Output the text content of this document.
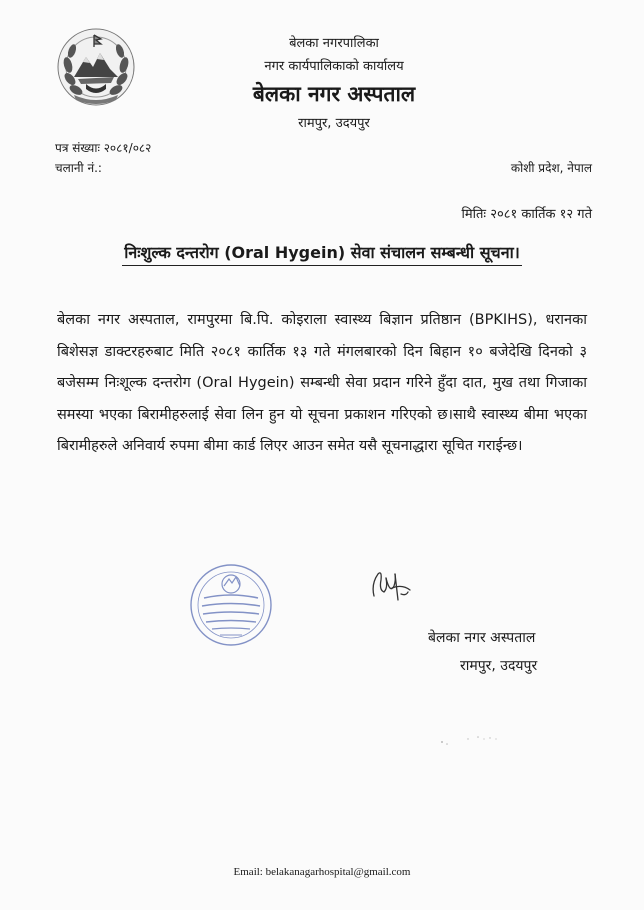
बेलका नगरपालिका
नगर कार्यपालिकाको कार्यालय
बेलका नगर अस्पताल
रामपुर, उदयपुर
पत्र संख्याः २०८१/०८२
चलानी नं.:	कोशी प्रदेश, नेपाल
मितिः २०८१ कार्तिक १२ गते
निःशुल्क दन्तरोग (Oral Hygein) सेवा संचालन सम्बन्धी सूचना।
बेलका नगर अस्पताल, रामपुरमा बि.पि. कोइराला स्वास्थ्य बिज्ञान प्रतिष्ठान (BPKIHS), धरानका बिशेसज्ञ डाक्टरहरुबाट मिति २०८१ कार्तिक १३ गते मंगलबारको दिन बिहान १० बजेदेखि दिनको ३ बजेसम्म निःशूल्क दन्तरोग (Oral Hygein) सम्बन्धी सेवा प्रदान गरिने हुँदा दात, मुख तथा गिजाका समस्या भएका बिरामीहरुलाई सेवा लिन हुन यो सूचना प्रकाशन गरिएको छ।साथै स्वास्थ्य बीमा भएका बिरामीहरुले अनिवार्य रुपमा बीमा कार्ड लिएर आउन समेत यसै सूचनाद्धारा सूचित गराईन्छ।
बेलका नगर अस्पताल
रामपुर, उदयपुर
Email: belakanagarhospital@gmail.com
